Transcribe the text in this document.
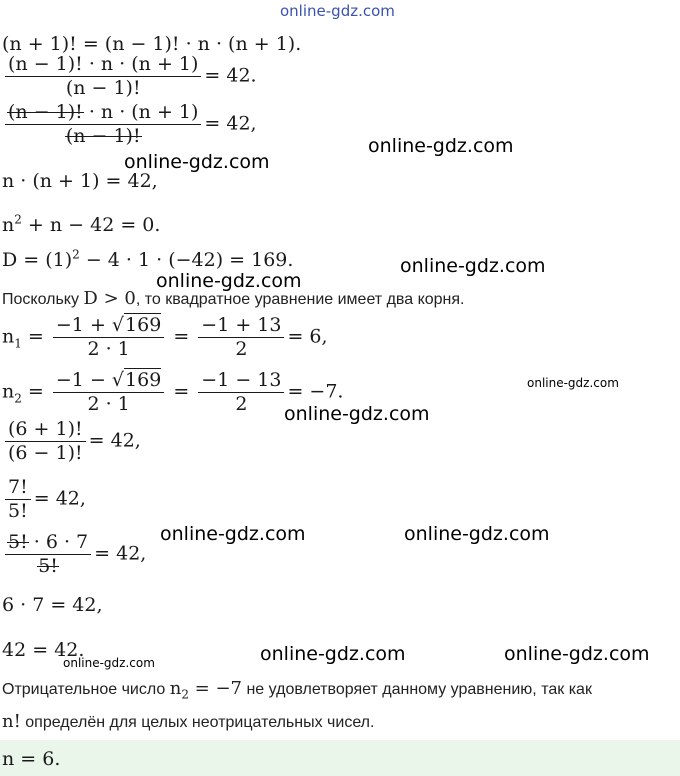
online-gdz.com
(n + 1)! = (n − 1)! · n · (n + 1).
$\frac{(n - 1)! \cdot n \cdot (n + 1)}{(n - 1)!} = 42$.
$\frac{(n - 1)! \cdot n \cdot (n + 1)}{(n - 1)!} = 42$,
n · (n + 1) = 42,
$n^2 + n - 42 = 0$.
$D = (1)^2 - 4 \cdot 1 \cdot (-42) = 169$.
Поскольку D > 0, то квадратное уравнение имеет два корня.
$n_1 = \frac{-1 + √169}{2 \cdot 1} = \frac{-1 + 13}{2} = 6$,
$n_2 = \frac{-1 - √169}{2 \cdot 1} = \frac{-1 - 13}{2} = -7$.
$\frac{(6 + 1)!}{(6 - 1)!} = 42$,
$\frac{7!}{5!} = 42$,
$\frac{5! \cdot 6 \cdot 7}{5!} = 42$,
6 · 7 = 42,
42 = 42.
Отрицательное число $n_2 = -7$ не удовлетворяет данному уравнению, так как
n! определён для целых неотрицательных чисел.
n = 6.
online-gdz.com
online-gdz.com
online-gdz.com
online-gdz.com
online-gdz.com
online-gdz.com
online-gdz.com	online-gdz.com
online-gdz.com	online-gdz.com	online-gdz.com
